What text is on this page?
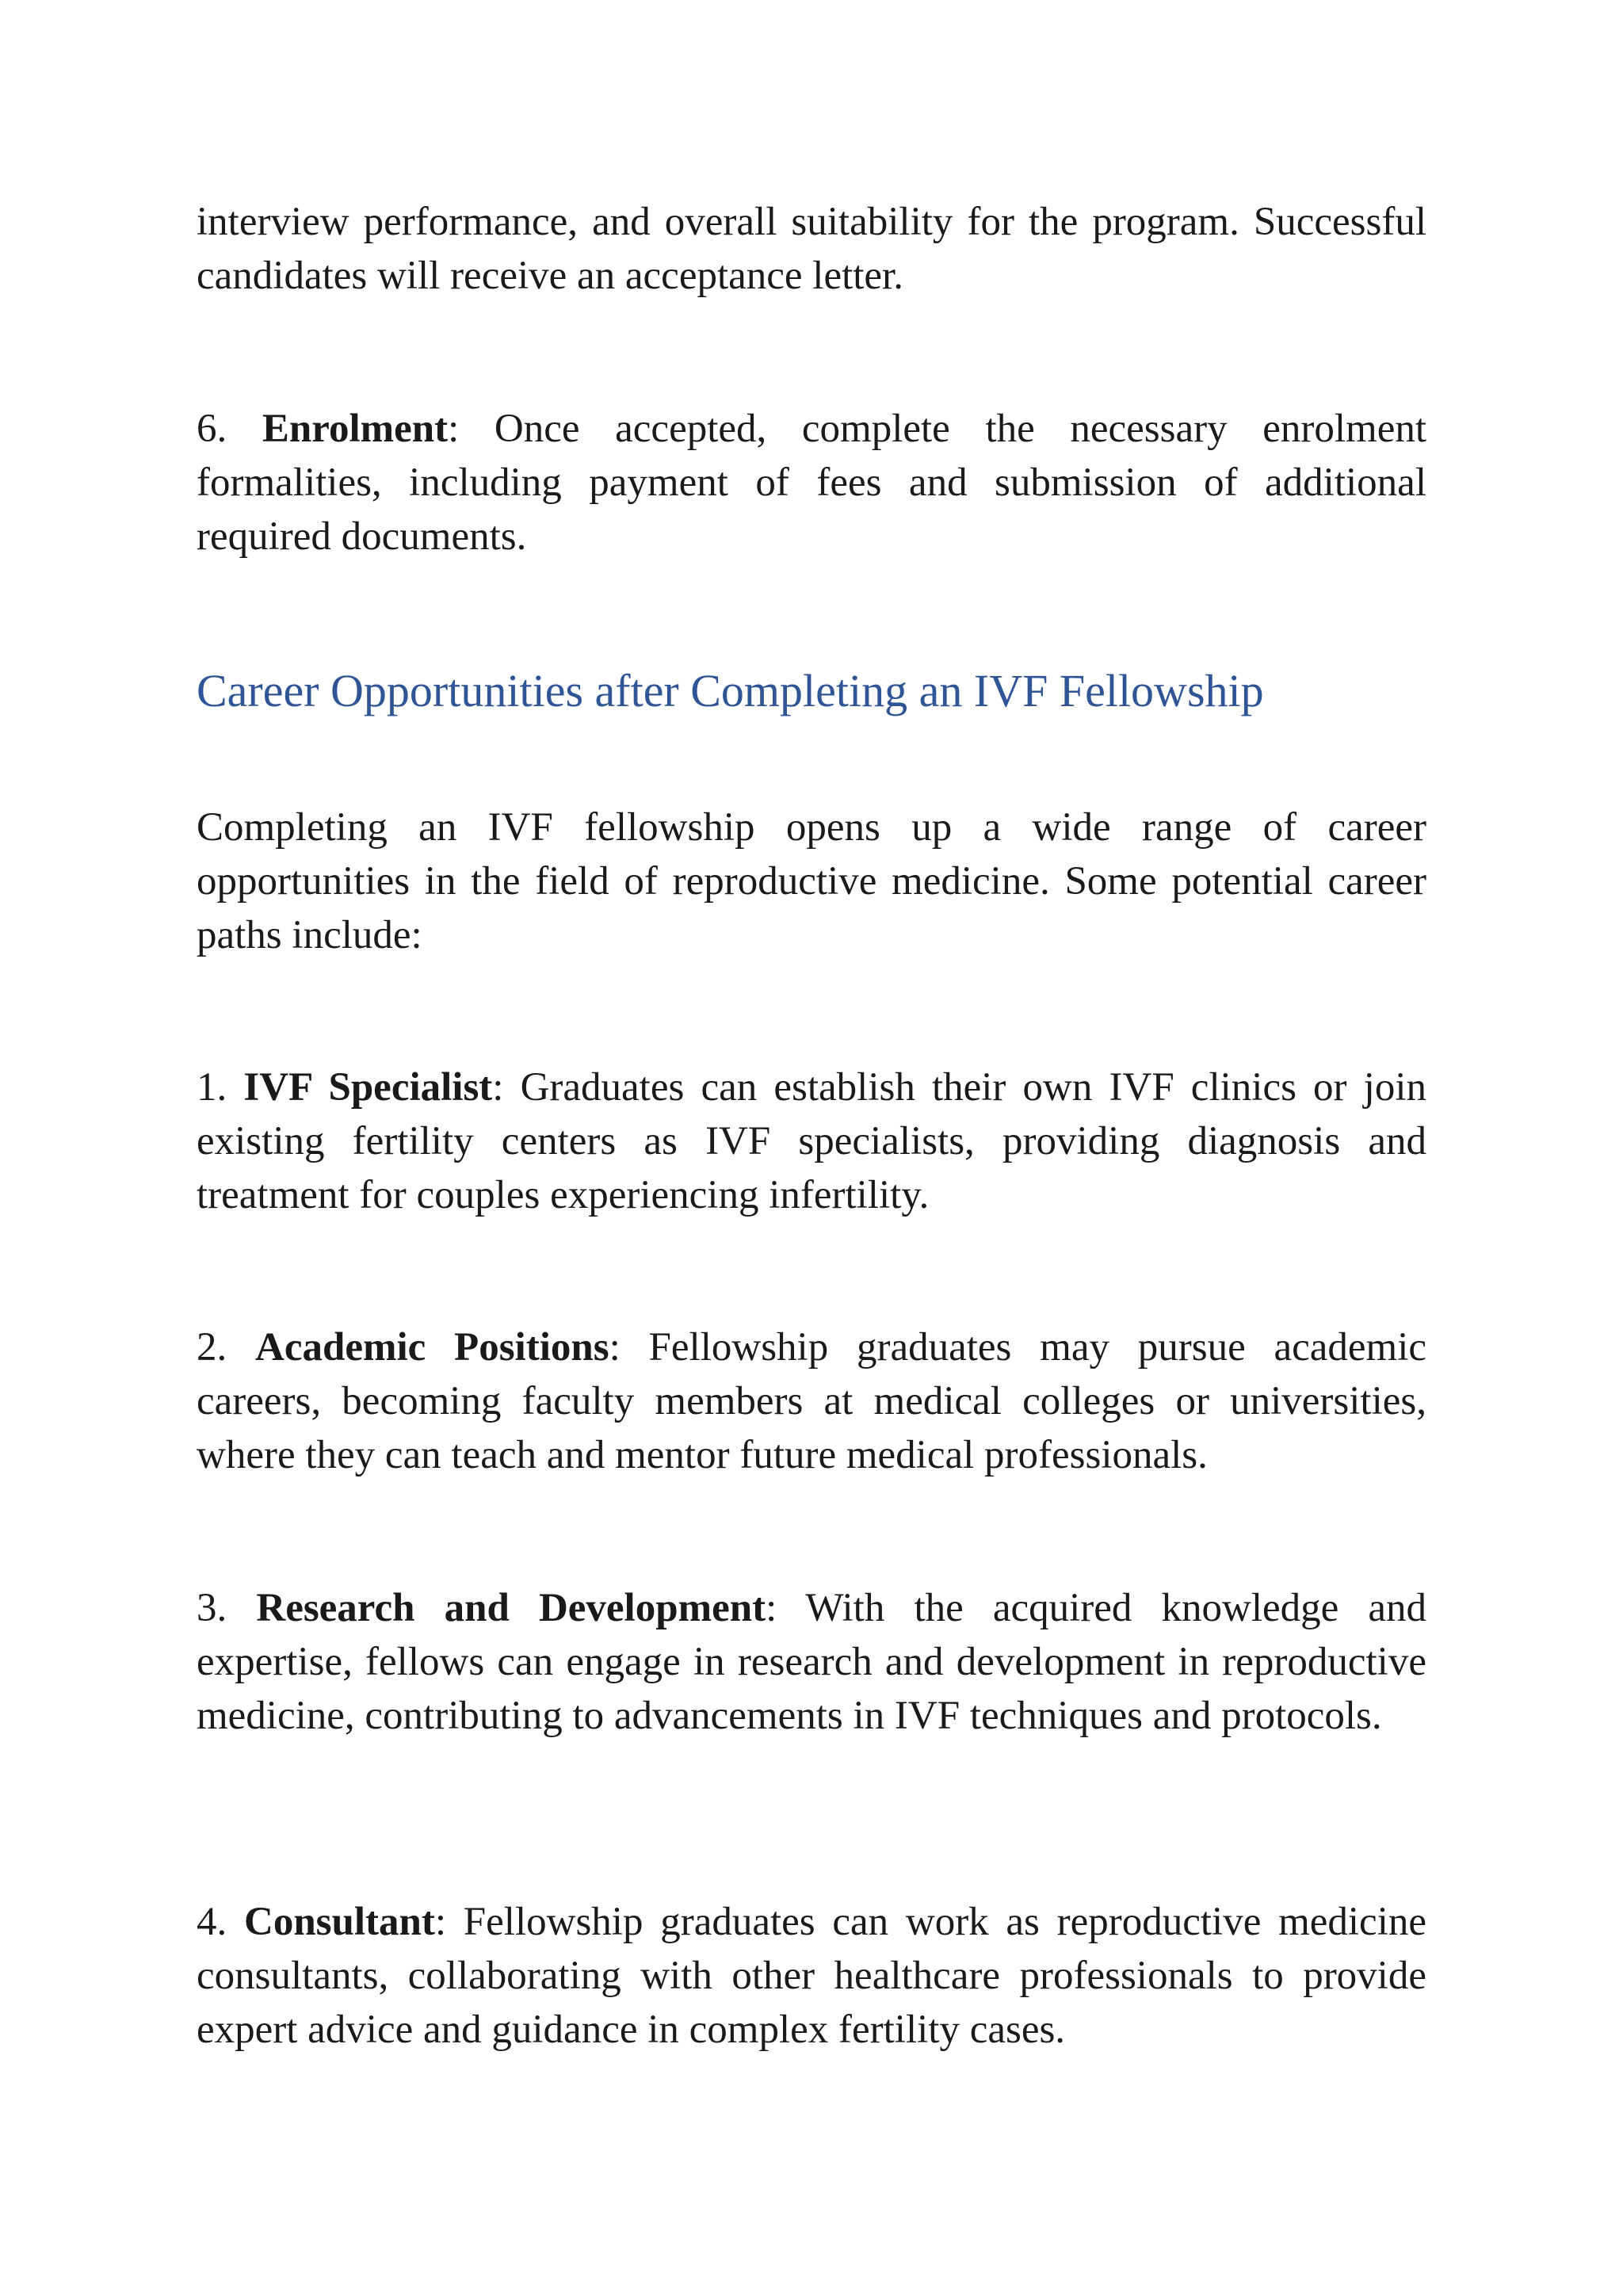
interview performance, and overall suitability for the program. Successful candidates will receive an acceptance letter.

6. Enrolment: Once accepted, complete the necessary enrolment formalities, including payment of fees and submission of additional required documents.

Career Opportunities after Completing an IVF Fellowship

Completing an IVF fellowship opens up a wide range of career opportunities in the field of reproductive medicine. Some potential career paths include:

1. IVF Specialist: Graduates can establish their own IVF clinics or join existing fertility centers as IVF specialists, providing diagnosis and treatment for couples experiencing infertility.

2. Academic Positions: Fellowship graduates may pursue academic careers, becoming faculty members at medical colleges or universities, where they can teach and mentor future medical professionals.

3. Research and Development: With the acquired knowledge and expertise, fellows can engage in research and development in reproductive medicine, contributing to advancements in IVF techniques and protocols.

4. Consultant: Fellowship graduates can work as reproductive medicine consultants, collaborating with other healthcare professionals to provide expert advice and guidance in complex fertility cases.
